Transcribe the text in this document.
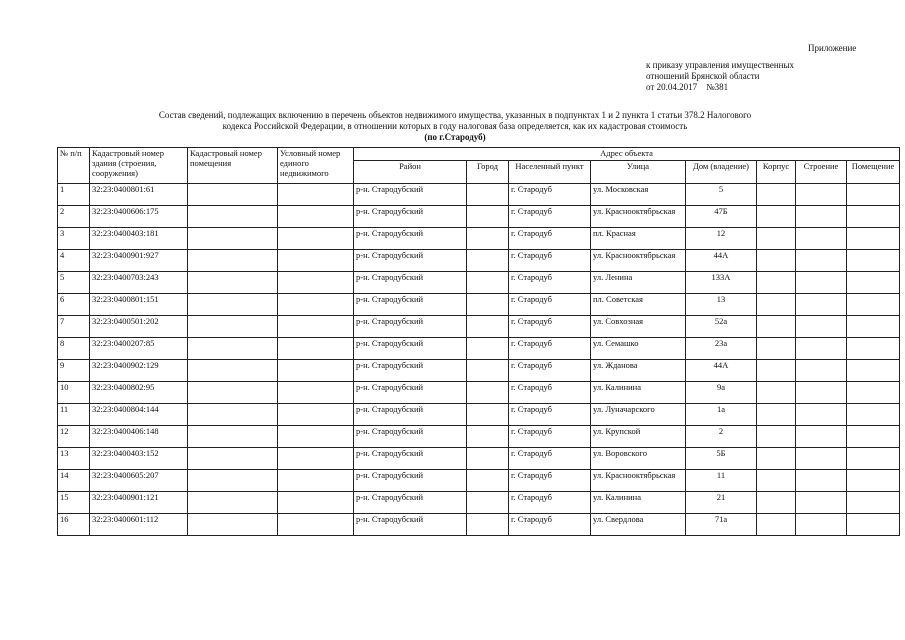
Приложение
к приказу управления имущественных
отношений Брянской области
от 20.04.2017 №381
Состав сведений, подлежащих включению в перечень объектов недвижимого имущества, указанных в подпунктах 1 и 2 пункта 1 статьи 378.2 Налогового
кодекса Российской Федерации, в отношении которых в году налоговая база определяется, как их кадастровая стоимость
(по г.Стародуб)
№ п/п	Кадастровый номер здания (строения, сооружения)	Кадастровый номер помещения	Условный номер единого недвижимого	Адрес объекта							
				Район	Город	Населенный пункт	Улица	Дом (владение)	Корпус	Строение	Помещение
1	32:23:0400801:61			р-н. Стародубский		г. Стародуб	ул. Московская	5			
2	32:23:0400606:175			р-н. Стародубский		г. Стародуб	ул. Краснооктябрьская	47Б			
3	32:23:0400403:181			р-н. Стародубский		г. Стародуб	пл. Красная	12			
4	32:23:0400901:927			р-н. Стародубский		г. Стародуб	ул. Краснооктябрьская	44А			
5	32:23:0400703:243			р-н. Стародубский		г. Стародуб	ул. Ленина	133А			
6	32:23:0400801:151			р-н. Стародубский		г. Стародуб	пл. Советская	13			
7	32:23:0400501:202			р-н. Стародубский		г. Стародуб	ул. Совхозная	52а			
8	32:23:0400207:85			р-н. Стародубский		г. Стародуб	ул. Семашко	23а			
9	32:23:0400902:129			р-н. Стародубский		г. Стародуб	ул. Жданова	44А			
10	32:23:0400802:95			р-н. Стародубский		г. Стародуб	ул. Калинина	9а			
11	32:23:0400804:144			р-н. Стародубский		г. Стародуб	ул. Луначарского	1а			
12	32:23:0400406:148			р-н. Стародубский		г. Стародуб	ул. Крупской	2			
13	32:23:0400403:152			р-н. Стародубский		г. Стародуб	ул. Воровского	5Б			
14	32:23:0400605:207			р-н. Стародубский		г. Стародуб	ул. Краснооктябрьская	11			
15	32:23:0400901:121			р-н. Стародубский		г. Стародуб	ул. Калинина	21			
16	32:23:0400601:112			р-н. Стародубский		г. Стародуб	ул. Свердлова	71а			
